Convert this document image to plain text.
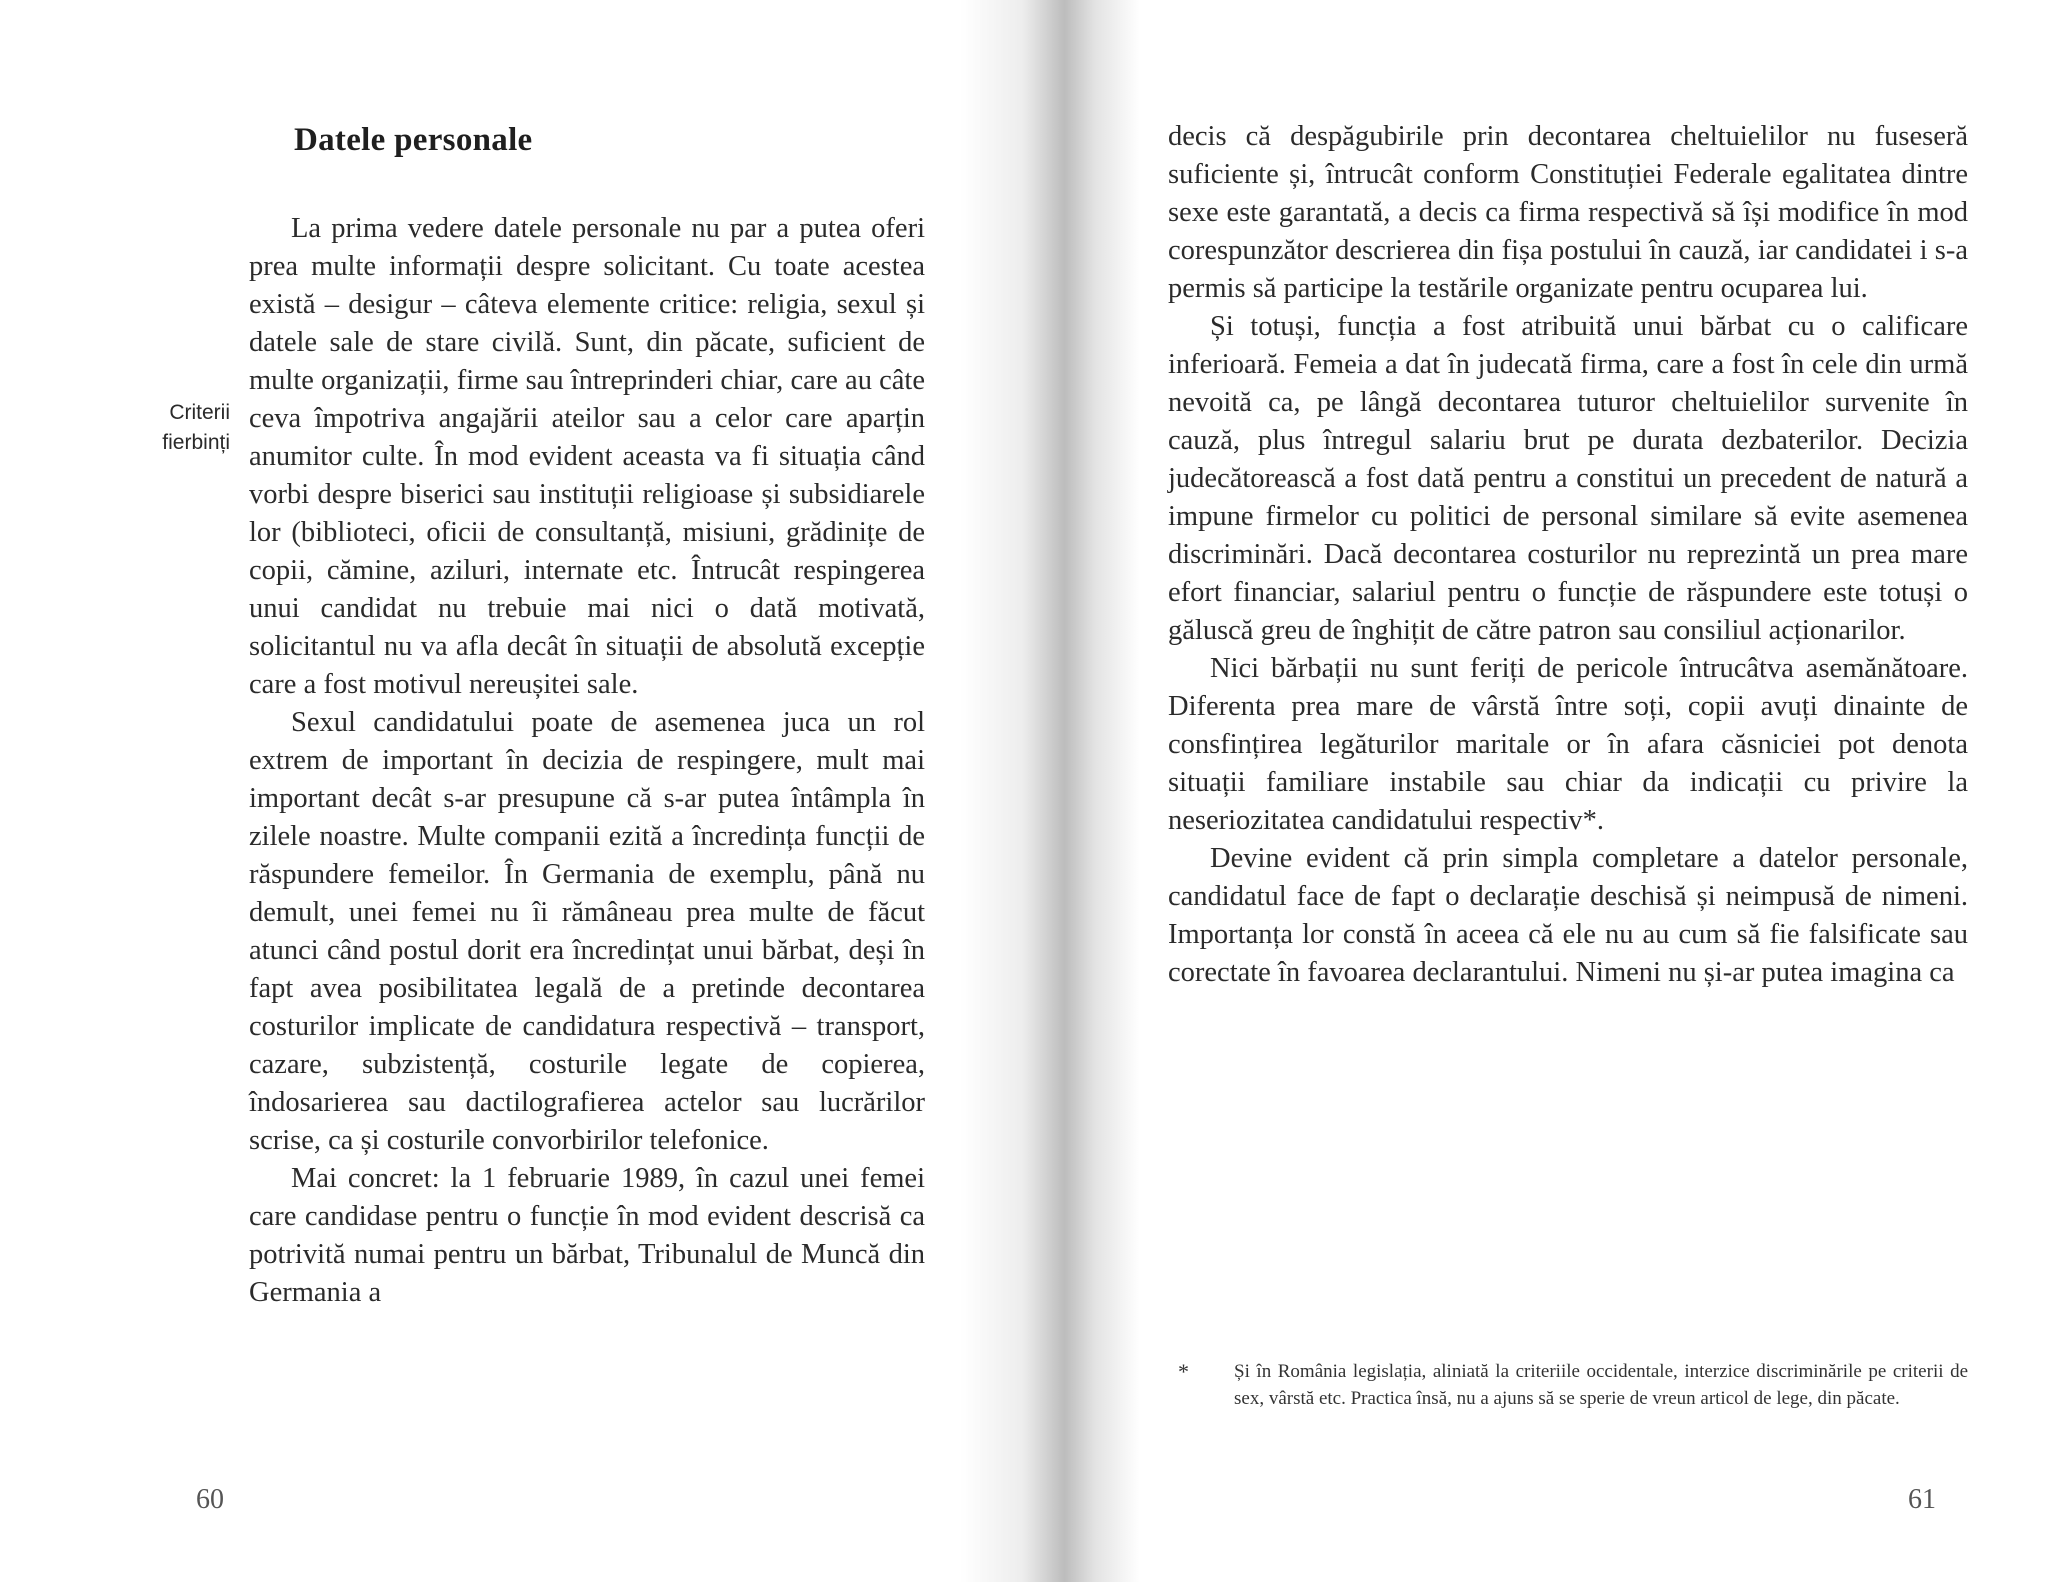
Datele personale
Criterii
fierbinți

La prima vedere datele personale nu par a putea oferi prea multe informații despre solicitant. Cu toate acestea există – desigur – câteva elemente critice: religia, sexul și datele sale de stare civilă. Sunt, din păcate, suficient de multe organizații, firme sau întreprinderi chiar, care au câte ceva împotriva angajării ateilor sau a celor care aparțin anumitor culte. În mod evident aceasta va fi situația când vorbi despre biserici sau instituții religioase și subsidiarele lor (biblioteci, oficii de consultanță, misiuni, grădinițe de copii, cămine, aziluri, internate etc. Întrucât respingerea unui candidat nu trebuie mai nici o dată motivată, solicitantul nu va afla decât în situații de absolută excepție care a fost motivul nereușitei sale.

Sexul candidatului poate de asemenea juca un rol extrem de important în decizia de respingere, mult mai important decât s-ar presupune că s-ar putea întâmpla în zilele noastre. Multe companii ezită a încredința funcții de răspundere femeilor. În Germania de exemplu, până nu demult, unei femei nu îi rămâneau prea multe de făcut atunci când postul dorit era încredințat unui bărbat, deși în fapt avea posibilitatea legală de a pretinde decontarea costurilor implicate de candidatura respectivă – transport, cazare, subzistență, costurile legate de copierea, îndosarierea sau dactilografierea actelor sau lucrărilor scrise, ca și costurile convorbirilor telefonice.

Mai concret: la 1 februarie 1989, în cazul unei femei care candidase pentru o funcție în mod evident descrisă ca potrivită numai pentru un bărbat, Tribunalul de Muncă din Germania a

60

decis că despăgubirile prin decontarea cheltuielilor nu fuseseră suficiente și, întrucât conform Constituției Federale egalitatea dintre sexe este garantată, a decis ca firma respectivă să își modifice în mod corespunzător descrierea din fișa postului în cauză, iar candidatei i s-a permis să participe la testările organizate pentru ocuparea lui.

Și totuși, funcția a fost atribuită unui bărbat cu o calificare inferioară. Femeia a dat în judecată firma, care a fost în cele din urmă nevoită ca, pe lângă decontarea tuturor cheltuielilor survenite în cauză, plus întregul salariu brut pe durata dezbaterilor. Decizia judecătorească a fost dată pentru a constitui un precedent de natură a impune firmelor cu politici de personal similare să evite asemenea discriminări. Dacă decontarea costurilor nu reprezintă un prea mare efort financiar, salariul pentru o funcție de răspundere este totuși o găluscă greu de înghițit de către patron sau consiliul acționarilor.

Nici bărbații nu sunt feriți de pericole întrucâtva asemănătoare. Diferenta prea mare de vârstă între soți, copii avuți dinainte de consfințirea legăturilor maritale or în afara căsniciei pot denota situații familiare instabile sau chiar da indicații cu privire la neseriozitatea candidatului respectiv*.

Devine evident că prin simpla completare a datelor personale, candidatul face de fapt o declarație deschisă și neimpusă de nimeni. Importanța lor constă în aceea că ele nu au cum să fie falsificate sau corectate în favoarea declarantului. Nimeni nu și-ar putea imagina ca

* Și în România legislația, aliniată la criteriile occidentale, interzice discriminările pe criterii de sex, vârstă etc. Practica însă, nu a ajuns să se sperie de vreun articol de lege, din păcate.
61
